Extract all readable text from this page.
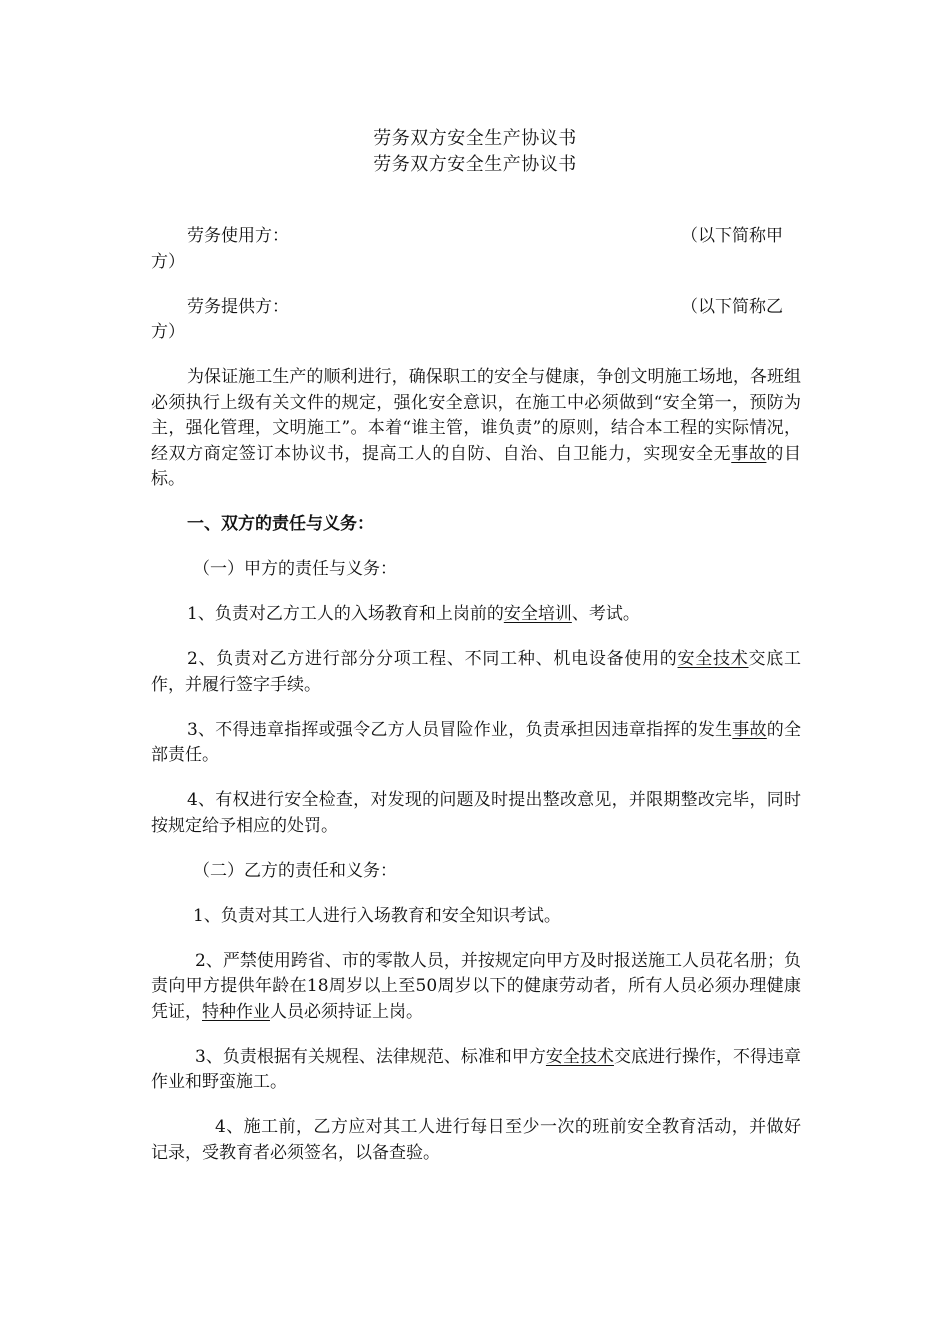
劳务双方安全生产协议书
劳务双方安全生产协议书

劳务使用方：	（以下简称甲

方）

劳务提供方：	（以下简称乙

方）

为保证施工生产的顺利进行，确保职工的安全与健康，争创文明施工场地，各班组必须执行上级有关文件的规定，强化安全意识，在施工中必须做到“安全第一，预防为主，强化管理，文明施工”。本着“谁主管，谁负责”的原则，结合本工程的实际情况，经双方商定签订本协议书，提高工人的自防、自治、自卫能力，实现安全无事故的目标。

一、双方的责任与义务：

（一）甲方的责任与义务：

1、负责对乙方工人的入场教育和上岗前的安全培训、考试。

2、负责对乙方进行部分分项工程、不同工种、机电设备使用的安全技术交底工作，并履行签字手续。

3、不得违章指挥或强令乙方人员冒险作业，负责承担因违章指挥的发生事故的全部责任。

4、有权进行安全检查，对发现的问题及时提出整改意见，并限期整改完毕，同时按规定给予相应的处罚。

（二）乙方的责任和义务：

1、负责对其工人进行入场教育和安全知识考试。

2、严禁使用跨省、市的零散人员，并按规定向甲方及时报送施工人员花名册；负责向甲方提供年龄在18周岁以上至50周岁以下的健康劳动者，所有人员必须办理健康凭证，特种作业人员必须持证上岗。

3、负责根据有关规程、法律规范、标准和甲方安全技术交底进行操作，不得违章作业和野蛮施工。

4、施工前，乙方应对其工人进行每日至少一次的班前安全教育活动，并做好记录，受教育者必须签名，以备查验。
